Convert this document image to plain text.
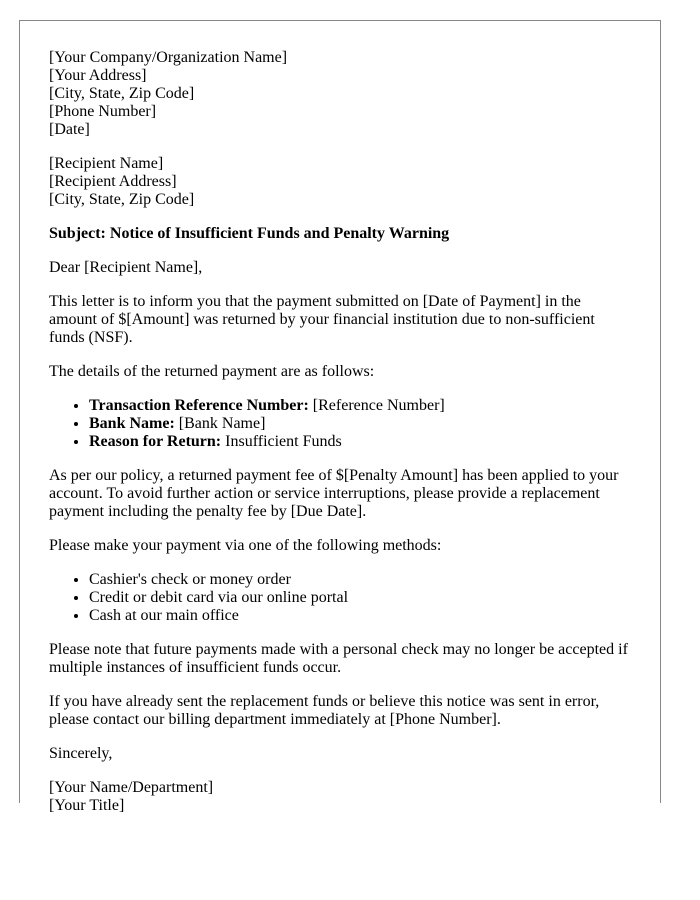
[Your Company/Organization Name]
[Your Address]
[City, State, Zip Code]
[Phone Number]
[Date]
[Recipient Name]
[Recipient Address]
[City, State, Zip Code]

Subject: Notice of Insufficient Funds and Penalty Warning

Dear [Recipient Name],

This letter is to inform you that the payment submitted on [Date of Payment] in the amount of $[Amount] was returned by your financial institution due to non-sufficient funds (NSF).

The details of the returned payment are as follows:

• Transaction Reference Number: [Reference Number]
• Bank Name: [Bank Name]
• Reason for Return: Insufficient Funds

As per our policy, a returned payment fee of $[Penalty Amount] has been applied to your account. To avoid further action or service interruptions, please provide a replacement payment including the penalty fee by [Due Date].

Please make your payment via one of the following methods:

• Cashier's check or money order
• Credit or debit card via our online portal
• Cash at our main office

Please note that future payments made with a personal check may no longer be accepted if multiple instances of insufficient funds occur.

If you have already sent the replacement funds or believe this notice was sent in error, please contact our billing department immediately at [Phone Number].

Sincerely,

[Your Name/Department]
[Your Title]
